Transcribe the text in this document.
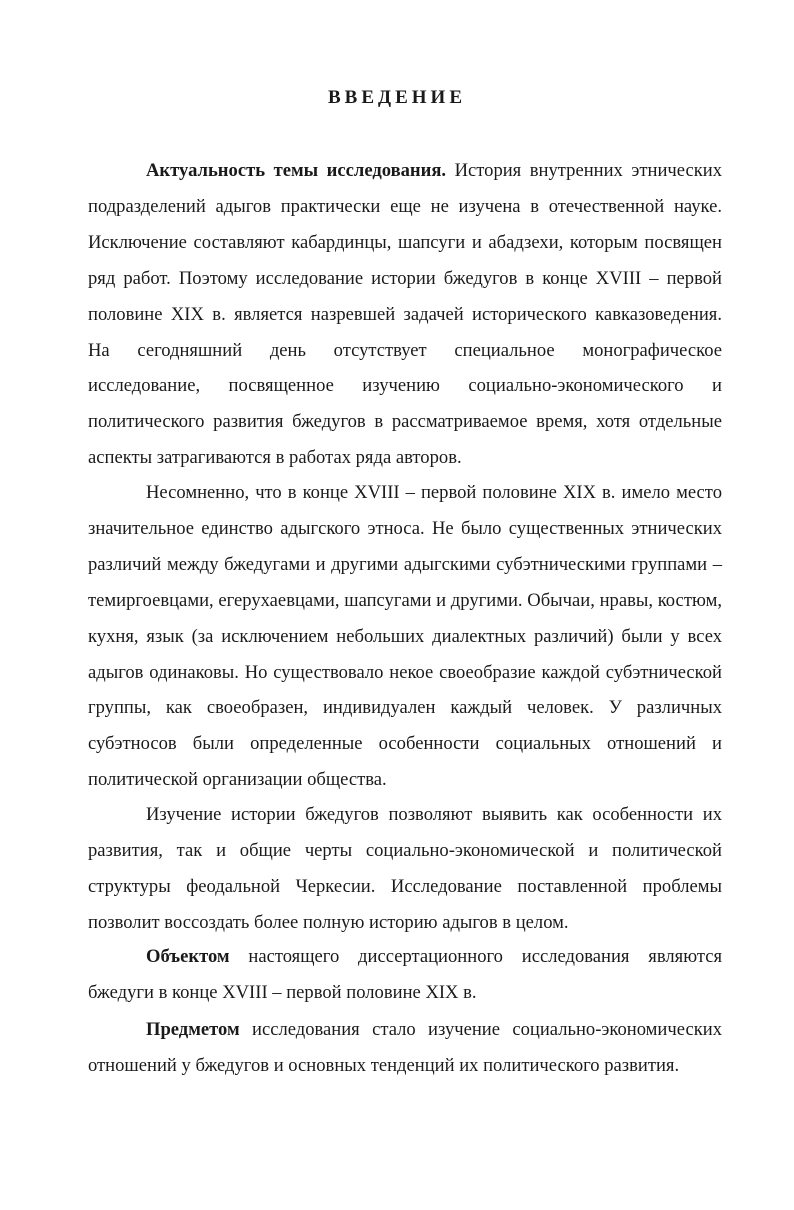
ВВЕДЕНИЕ

Актуальность темы исследования. История внутренних этнических подразделений адыгов практически еще не изучена в отечественной науке. Исключение составляют кабардинцы, шапсуги и абадзехи, которым посвящен ряд работ. Поэтому исследование истории бжедугов в конце XVIII – первой половине XIX в. является назревшей задачей исторического кавказоведения. На сегодняшний день отсутствует специальное монографическое исследование, посвященное изучению социально-экономического и политического развития бжедугов в рассматриваемое время, хотя отдельные аспекты затрагиваются в работах ряда авторов.

Несомненно, что в конце XVIII – первой половине XIX в. имело место значительное единство адыгского этноса. Не было существенных этнических различий между бжедугами и другими адыгскими субэтническими группами – темиргоевцами, егерухаевцами, шапсугами и другими. Обычаи, нравы, костюм, кухня, язык (за исключением небольших диалектных различий) были у всех адыгов одинаковы. Но существовало некое своеобразие каждой субэтнической группы, как своеобразен, индивидуален каждый человек. У различных субэтносов были определенные особенности социальных отношений и политической организации общества.

Изучение истории бжедугов позволяют выявить как особенности их развития, так и общие черты социально-экономической и политической структуры феодальной Черкесии. Исследование поставленной проблемы позволит воссоздать более полную историю адыгов в целом.

Объектом настоящего диссертационного исследования являются бжедуги в конце XVIII – первой половине XIX в.

Предметом исследования стало изучение социально-экономических отношений у бжедугов и основных тенденций их политического развития.
